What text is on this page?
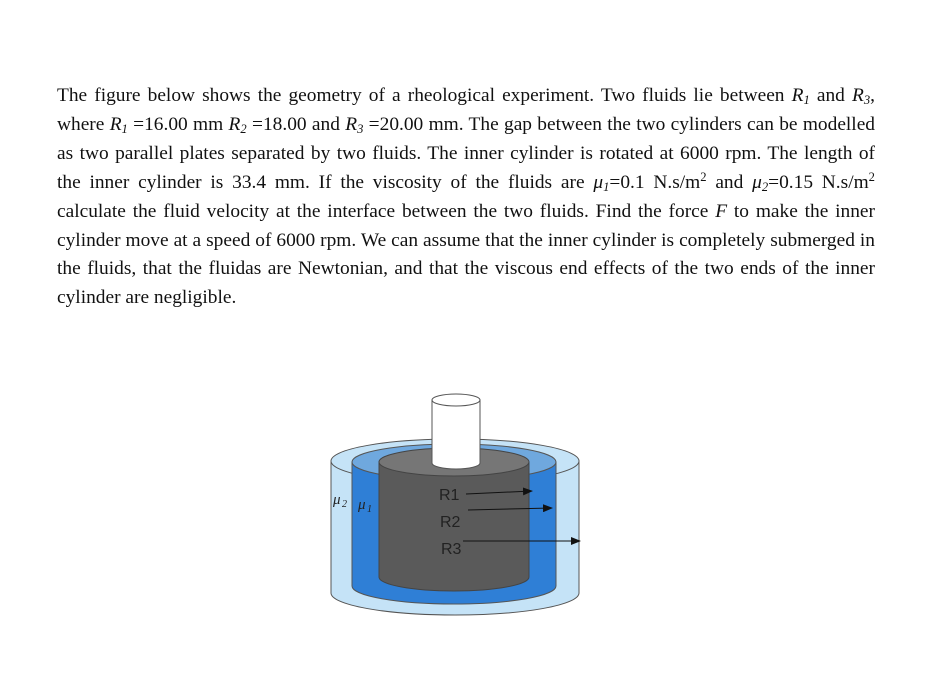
The figure below shows the geometry of a rheological experiment. Two fluids lie between $R_1$ and $R_3$, where $R_1 =16.00$ mm $R_2 =18.00$ and $R_3 =20.00$ mm. The gap between the two cylinders can be modelled as two parallel plates separated by two fluids. The inner cylinder is rotated at 6000 rpm. The length of the inner cylinder is 33.4 mm. If the viscosity of the fluids are $\mu_1=0.1$ $N.s/m^2$ and $\mu_2=0.15$ $N.s/m^2$ calculate the fluid velocity at the interface between the two fluids. Find the force F to make the inner cylinder move at a speed of 6000 rpm. We can assume that the inner cylinder is completely submerged in the fluids, that the fluidas are Newtonian, and that the viscous end effects of the two ends of the inner cylinder are negligible.
R1
R2
R3
μ 2 μ 1
